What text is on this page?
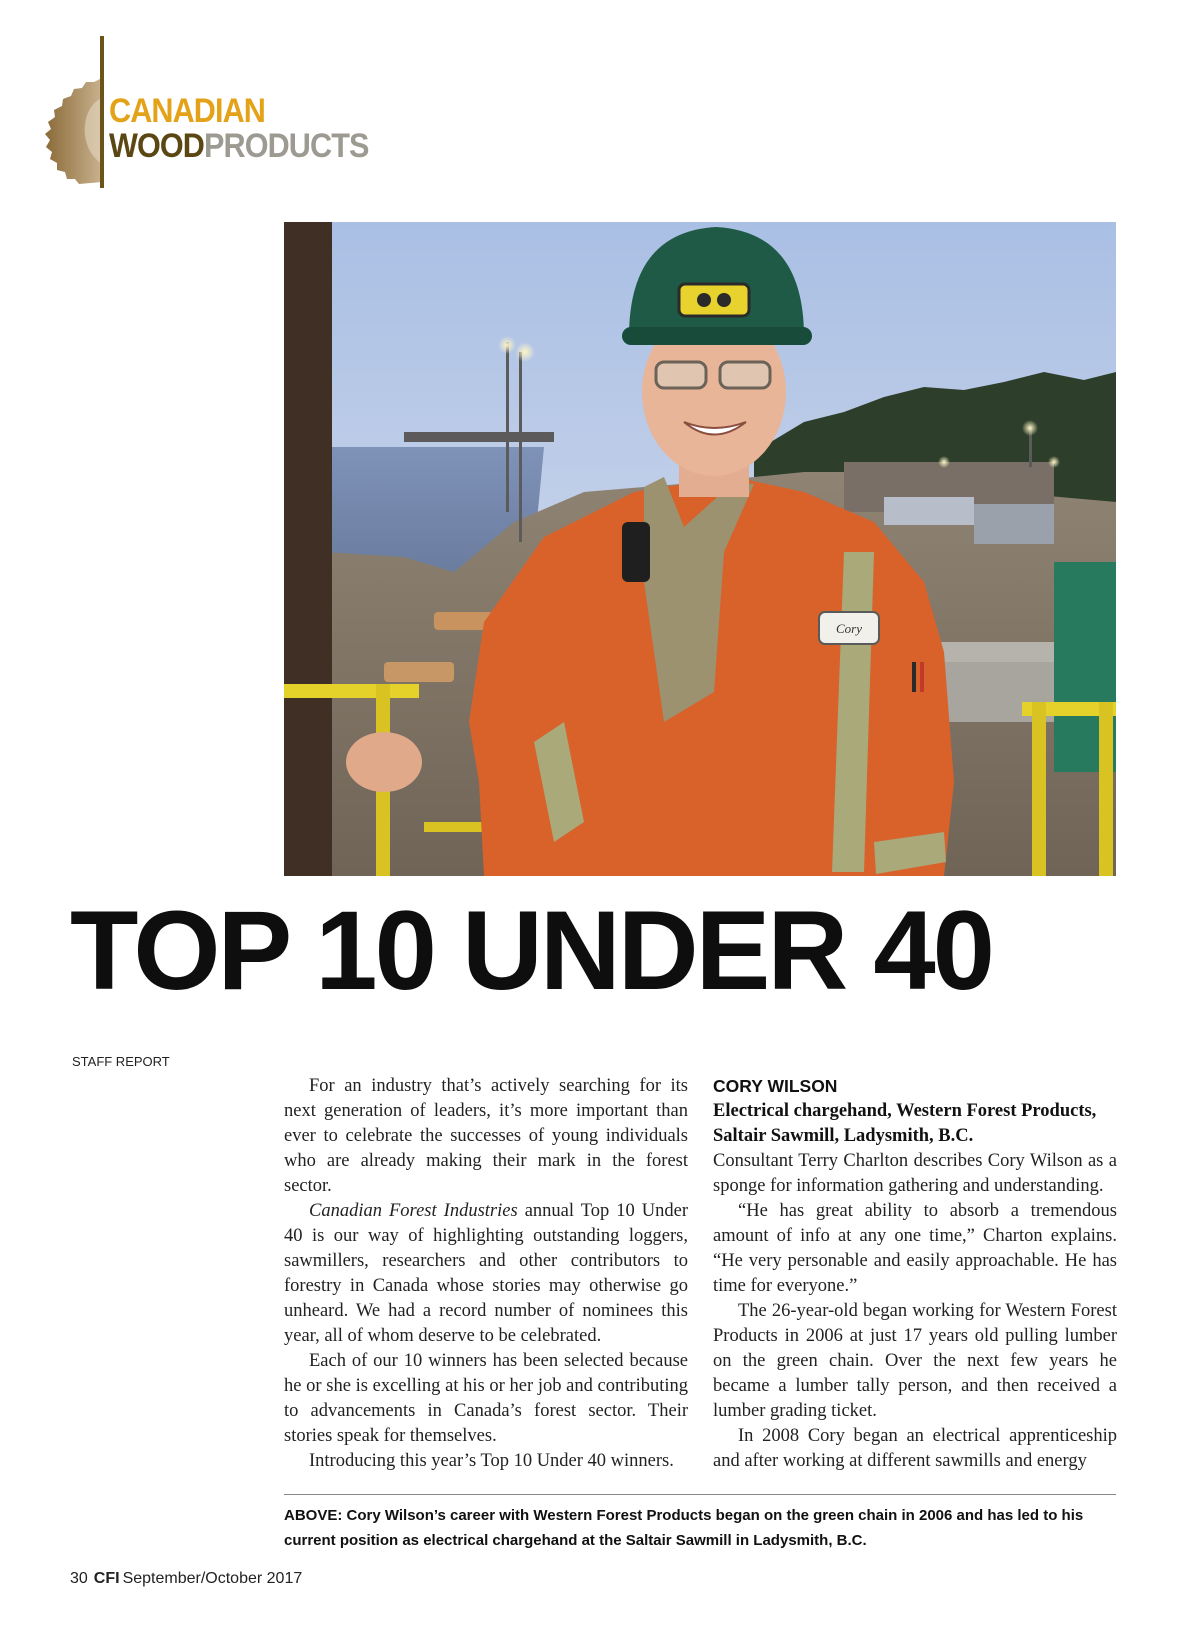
CANADIAN
WOODPRODUCTS
Cory
TOP 10 UNDER 40
STAFF REPORT

For an industry that’s actively searching for its next generation of leaders, it’s more important than ever to celebrate the successes of young individuals who are already making their mark in the forest sector.

Canadian Forest Industries annual Top 10 Under 40 is our way of highlighting outstanding loggers, sawmillers, researchers and other contributors to forestry in Canada whose stories may otherwise go unheard. We had a record number of nominees this year, all of whom deserve to be celebrated.

Each of our 10 winners has been selected because he or she is excelling at his or her job and contributing to advancements in Canada’s forest sector. Their stories speak for themselves.

Introducing this year’s Top 10 Under 40 winners.

CORY WILSON

Electrical chargehand, Western Forest Products, Saltair Sawmill, Ladysmith, B.C.

Consultant Terry Charlton describes Cory Wilson as a sponge for information gathering and understanding.

“He has great ability to absorb a tremendous amount of info at any one time,” Charton explains. “He very personable and easily approachable. He has time for everyone.”

The 26-year-old began working for Western Forest Products in 2006 at just 17 years old pulling lumber on the green chain. Over the next few years he became a lumber tally person, and then received a lumber grading ticket.

In 2008 Cory began an electrical apprenticeship and after working at different sawmills and energy

ABOVE: Cory Wilson’s career with Western Forest Products began on the green chain in 2006 and has led to his current position as electrical chargehand at the Saltair Sawmill in Ladysmith, B.C.
30 CFI September/October 2017
